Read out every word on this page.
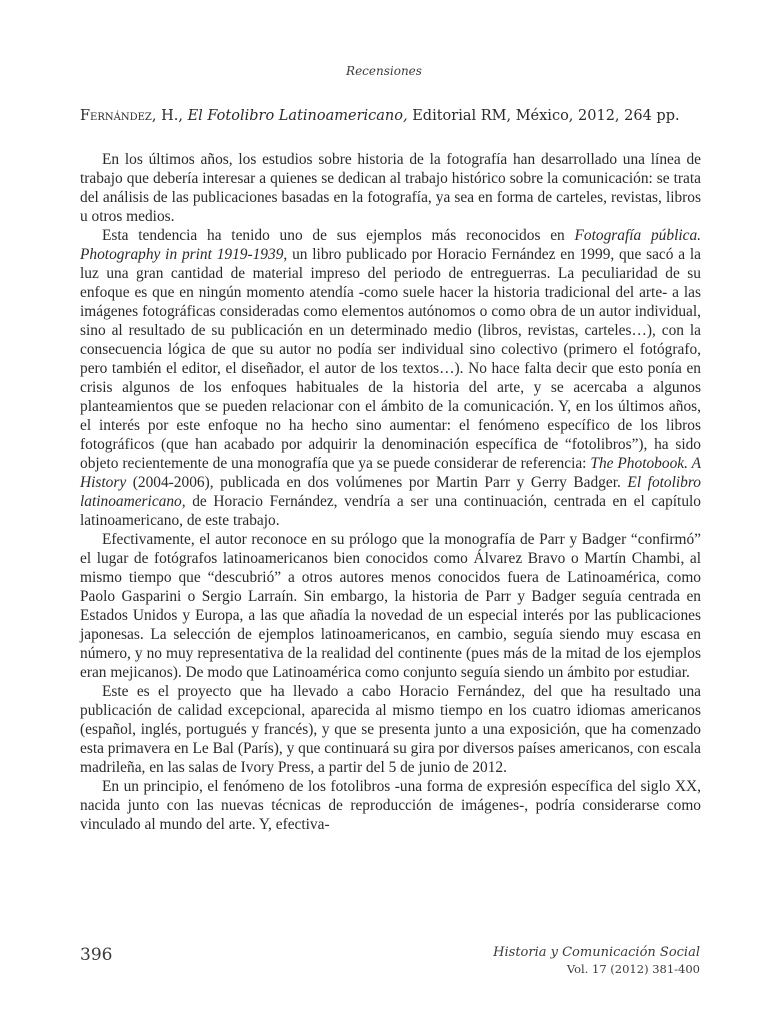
Recensiones
Fernández, H., El Fotolibro Latinoamericano, Editorial RM, México, 2012, 264 pp.

En los últimos años, los estudios sobre historia de la fotografía han desarrollado una línea de trabajo que debería interesar a quienes se dedican al trabajo histórico sobre la comunicación: se trata del análisis de las publicaciones basadas en la fotografía, ya sea en forma de carteles, revistas, libros u otros medios.

Esta tendencia ha tenido uno de sus ejemplos más reconocidos en Fotografía pública. Photography in print 1919-1939, un libro publicado por Horacio Fernández en 1999, que sacó a la luz una gran cantidad de material impreso del periodo de entreguerras. La peculiaridad de su enfoque es que en ningún momento atendía -como suele hacer la historia tradicional del arte- a las imágenes fotográficas consideradas como elementos autónomos o como obra de un autor individual, sino al resultado de su publicación en un determinado medio (libros, revistas, carteles…), con la consecuencia lógica de que su autor no podía ser individual sino colectivo (primero el fotógrafo, pero también el editor, el diseñador, el autor de los textos…). No hace falta decir que esto ponía en crisis algunos de los enfoques habituales de la historia del arte, y se acercaba a algunos planteamientos que se pueden relacionar con el ámbito de la comunicación. Y, en los últimos años, el interés por este enfoque no ha hecho sino aumentar: el fenómeno específico de los libros fotográficos (que han acabado por adquirir la denominación específica de “fotolibros”), ha sido objeto recientemente de una monografía que ya se puede considerar de referencia: The Photobook. A History (2004-2006), publicada en dos volúmenes por Martin Parr y Gerry Badger. El fotolibro latinoamericano, de Horacio Fernández, vendría a ser una continuación, centrada en el capítulo latinoamericano, de este trabajo.

Efectivamente, el autor reconoce en su prólogo que la monografía de Parr y Badger “confirmó” el lugar de fotógrafos latinoamericanos bien conocidos como Álvarez Bravo o Martín Chambi, al mismo tiempo que “descubrió” a otros autores menos conocidos fuera de Latinoamérica, como Paolo Gasparini o Sergio Larraín. Sin embargo, la historia de Parr y Badger seguía centrada en Estados Unidos y Europa, a las que añadía la novedad de un especial interés por las publicaciones japonesas. La selección de ejemplos latinoamericanos, en cambio, seguía siendo muy escasa en número, y no muy representativa de la realidad del continente (pues más de la mitad de los ejemplos eran mejicanos). De modo que Latinoamérica como conjunto seguía siendo un ámbito por estudiar.

Este es el proyecto que ha llevado a cabo Horacio Fernández, del que ha resultado una publicación de calidad excepcional, aparecida al mismo tiempo en los cuatro idiomas americanos (español, inglés, portugués y francés), y que se presenta junto a una exposición, que ha comenzado esta primavera en Le Bal (París), y que continuará su gira por diversos países americanos, con escala madrileña, en las salas de Ivory Press, a partir del 5 de junio de 2012.

En un principio, el fenómeno de los fotolibros -una forma de expresión específica del siglo XX, nacida junto con las nuevas técnicas de reproducción de imágenes-, podría considerarse como vinculado al mundo del arte. Y, efectiva-

396	Historia y Comunicación Social
Vol. 17 (2012) 381-400
